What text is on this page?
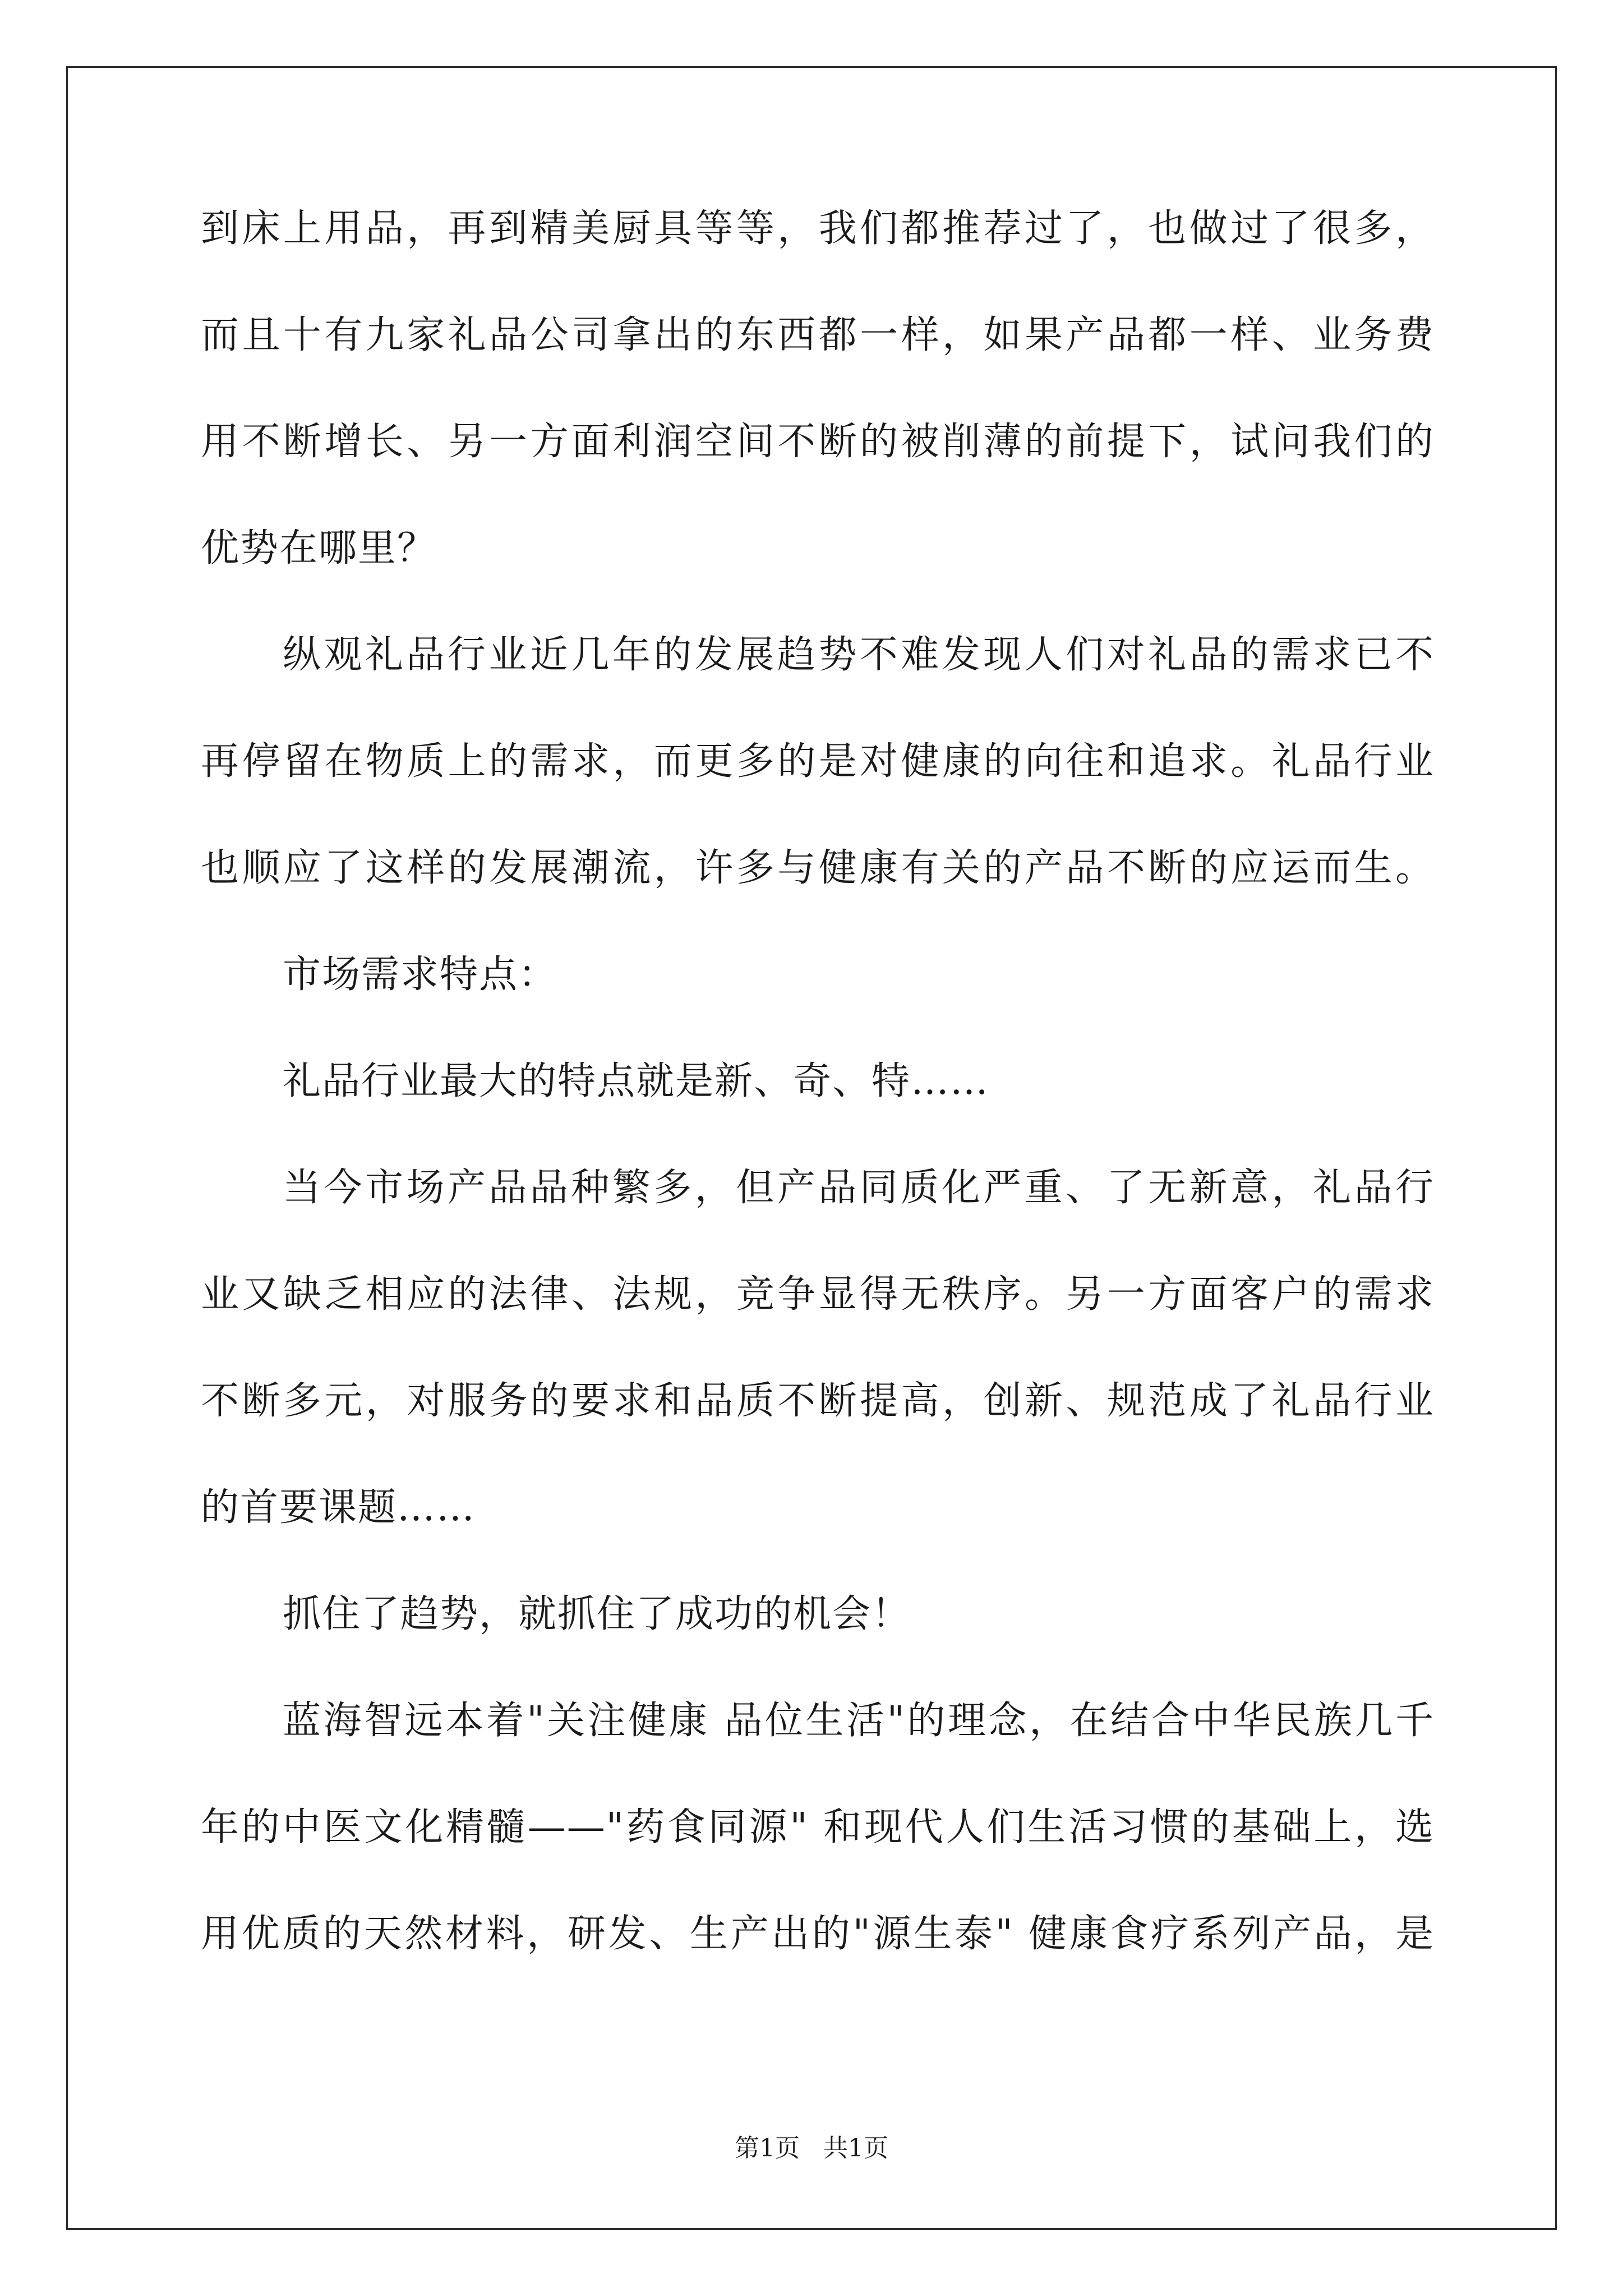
到床上用品，再到精美厨具等等，我们都推荐过了，也做过了很多，
而且十有九家礼品公司拿出的东西都一样，如果产品都一样、业务费
用不断增长、另一方面利润空间不断的被削薄的前提下，试问我们的
优势在哪里？
纵观礼品行业近几年的发展趋势不难发现人们对礼品的需求已不
再停留在物质上的需求，而更多的是对健康的向往和追求。礼品行业
也顺应了这样的发展潮流，许多与健康有关的产品不断的应运而生。
市场需求特点：
礼品行业最大的特点就是新、奇、特……
当今市场产品品种繁多，但产品同质化严重、了无新意，礼品行
业又缺乏相应的法律、法规，竞争显得无秩序。另一方面客户的需求
不断多元，对服务的要求和品质不断提高，创新、规范成了礼品行业
的首要课题……
抓住了趋势，就抓住了成功的机会！
蓝海智远本着"关注健康 品位生活"的理念，在结合中华民族几千
年的中医文化精髓——"药食同源" 和现代人们生活习惯的基础上，选
用优质的天然材料，研发、生产出的"源生泰" 健康食疗系列产品，是
第1页   共1页
